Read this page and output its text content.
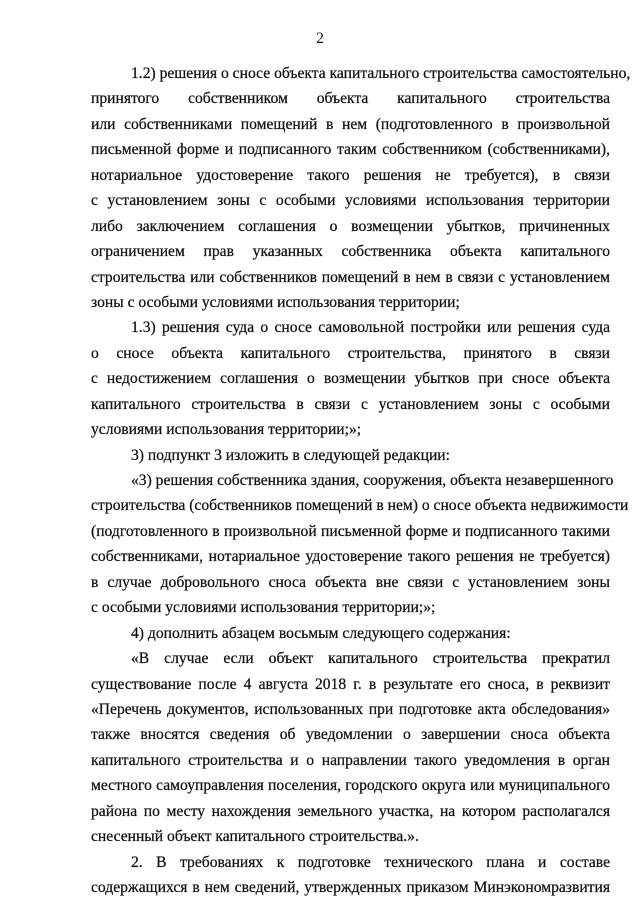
2
1.2) решения о сносе объекта капитального строительства самостоятельно,
принятого собственником объекта капитального строительства
или собственниками помещений в нем (подготовленного в произвольной
письменной форме и подписанного таким собственником (собственниками),
нотариальное удостоверение такого решения не требуется), в связи
с установлением зоны с особыми условиями использования территории
либо заключением соглашения о возмещении убытков, причиненных
ограничением прав указанных собственника объекта капитального
строительства или собственников помещений в нем в связи с установлением
зоны с особыми условиями использования территории;
1.3) решения суда о сносе самовольной постройки или решения суда
о сносе объекта капитального строительства, принятого в связи
с недостижением соглашения о возмещении убытков при сносе объекта
капитального строительства в связи с установлением зоны с особыми
условиями использования территории;»;
3) подпункт 3 изложить в следующей редакции:
«3) решения собственника здания, сооружения, объекта незавершенного
строительства (собственников помещений в нем) о сносе объекта недвижимости
(подготовленного в произвольной письменной форме и подписанного такими
собственниками, нотариальное удостоверение такого решения не требуется)
в случае добровольного сноса объекта вне связи с установлением зоны
с особыми условиями использования территории;»;
4) дополнить абзацем восьмым следующего содержания:
«В случае если объект капитального строительства прекратил
существование после 4 августа 2018 г. в результате его сноса, в реквизит
«Перечень документов, использованных при подготовке акта обследования»
также вносятся сведения об уведомлении о завершении сноса объекта
капитального строительства и о направлении такого уведомления в орган
местного самоуправления поселения, городского округа или муниципального
района по месту нахождения земельного участка, на котором располагался
снесенный объект капитального строительства.».
2. В требованиях к подготовке технического плана и составе
содержащихся в нем сведений, утвержденных приказом Минэкономразвития
